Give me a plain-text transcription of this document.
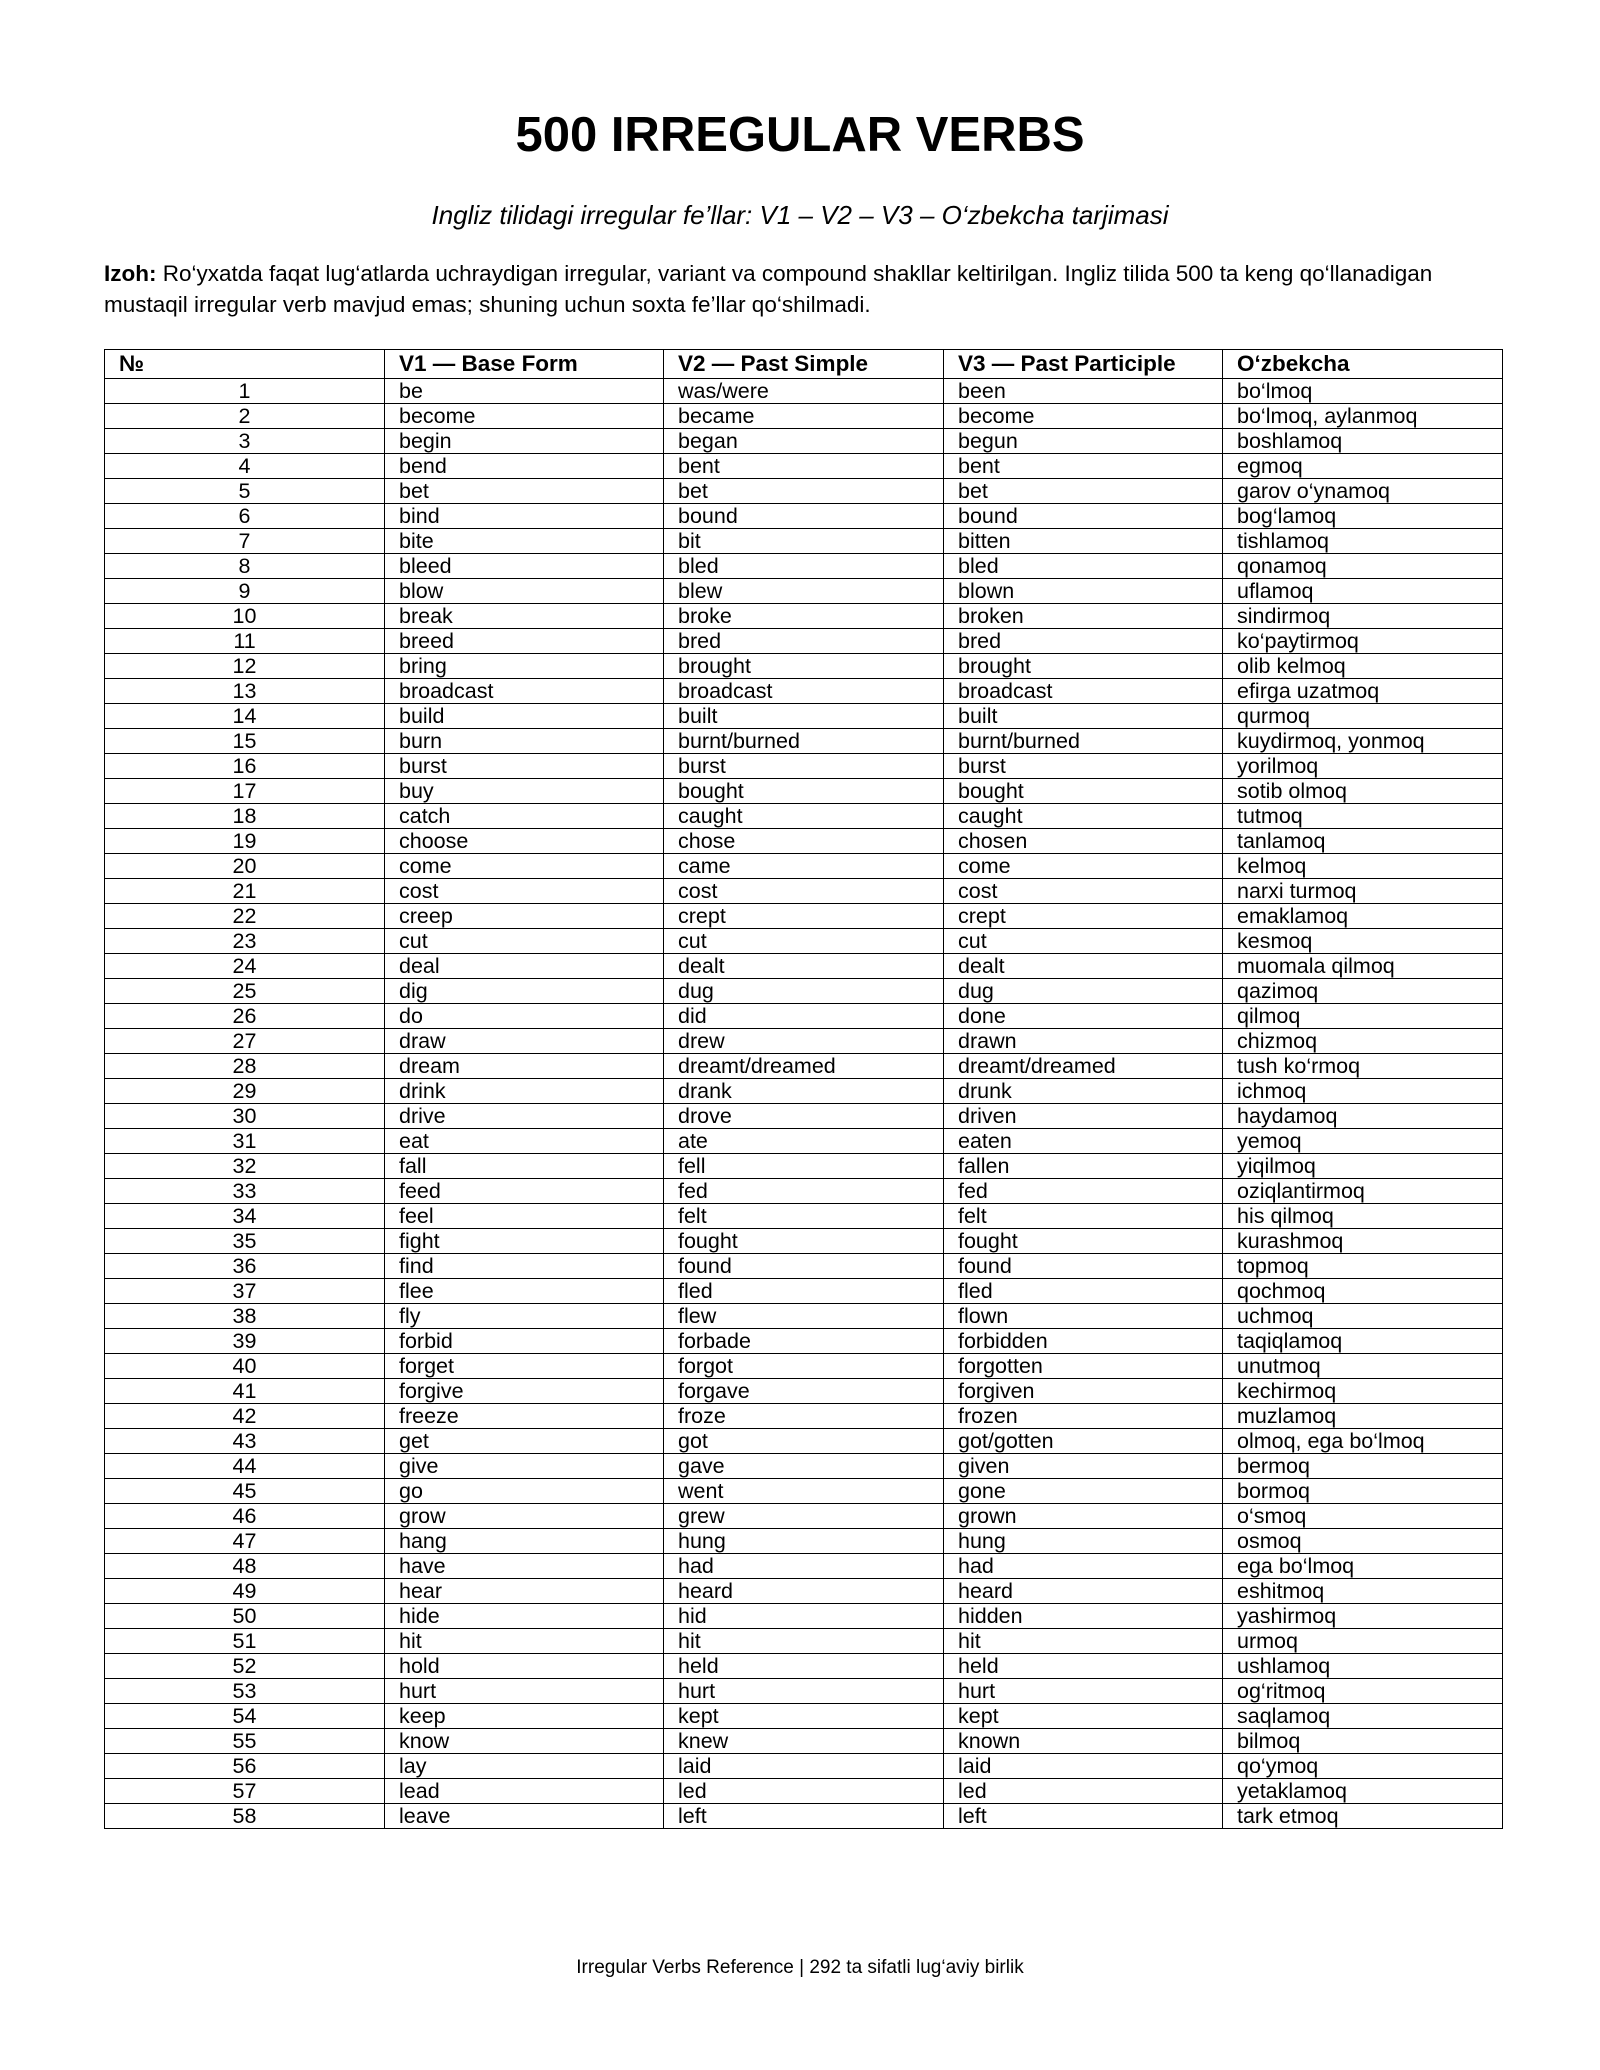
500 IRREGULAR VERBS

Ingliz tilidagi irregular fe’llar: V1 – V2 – V3 – O‘zbekcha tarjimasi

Izoh: Ro‘yxatda faqat lug‘atlarda uchraydigan irregular, variant va compound shakllar keltirilgan. Ingliz tilida 500 ta keng qo‘llanadigan mustaqil irregular verb mavjud emas; shuning uchun soxta fe’llar qo‘shilmadi.

№	V1 — Base Form	V2 — Past Simple	V3 — Past Participle	O‘zbekcha
1	be	was/were	been	bo‘lmoq
2	become	became	become	bo‘lmoq, aylanmoq
3	begin	began	begun	boshlamoq
4	bend	bent	bent	egmoq
5	bet	bet	bet	garov o‘ynamoq
6	bind	bound	bound	bog‘lamoq
7	bite	bit	bitten	tishlamoq
8	bleed	bled	bled	qonamoq
9	blow	blew	blown	uflamoq
10	break	broke	broken	sindirmoq
11	breed	bred	bred	ko‘paytirmoq
12	bring	brought	brought	olib kelmoq
13	broadcast	broadcast	broadcast	efirga uzatmoq
14	build	built	built	qurmoq
15	burn	burnt/burned	burnt/burned	kuydirmoq, yonmoq
16	burst	burst	burst	yorilmoq
17	buy	bought	bought	sotib olmoq
18	catch	caught	caught	tutmoq
19	choose	chose	chosen	tanlamoq
20	come	came	come	kelmoq
21	cost	cost	cost	narxi turmoq
22	creep	crept	crept	emaklamoq
23	cut	cut	cut	kesmoq
24	deal	dealt	dealt	muomala qilmoq
25	dig	dug	dug	qazimoq
26	do	did	done	qilmoq
27	draw	drew	drawn	chizmoq
28	dream	dreamt/dreamed	dreamt/dreamed	tush ko‘rmoq
29	drink	drank	drunk	ichmoq
30	drive	drove	driven	haydamoq
31	eat	ate	eaten	yemoq
32	fall	fell	fallen	yiqilmoq
33	feed	fed	fed	oziqlantirmoq
34	feel	felt	felt	his qilmoq
35	fight	fought	fought	kurashmoq
36	find	found	found	topmoq
37	flee	fled	fled	qochmoq
38	fly	flew	flown	uchmoq
39	forbid	forbade	forbidden	taqiqlamoq
40	forget	forgot	forgotten	unutmoq
41	forgive	forgave	forgiven	kechirmoq
42	freeze	froze	frozen	muzlamoq
43	get	got	got/gotten	olmoq, ega bo‘lmoq
44	give	gave	given	bermoq
45	go	went	gone	bormoq
46	grow	grew	grown	o‘smoq
47	hang	hung	hung	osmoq
48	have	had	had	ega bo‘lmoq
49	hear	heard	heard	eshitmoq
50	hide	hid	hidden	yashirmoq
51	hit	hit	hit	urmoq
52	hold	held	held	ushlamoq
53	hurt	hurt	hurt	og‘ritmoq
54	keep	kept	kept	saqlamoq
55	know	knew	known	bilmoq
56	lay	laid	laid	qo‘ymoq
57	lead	led	led	yetaklamoq
58	leave	left	left	tark etmoq
Irregular Verbs Reference | 292 ta sifatli lug‘aviy birlik
